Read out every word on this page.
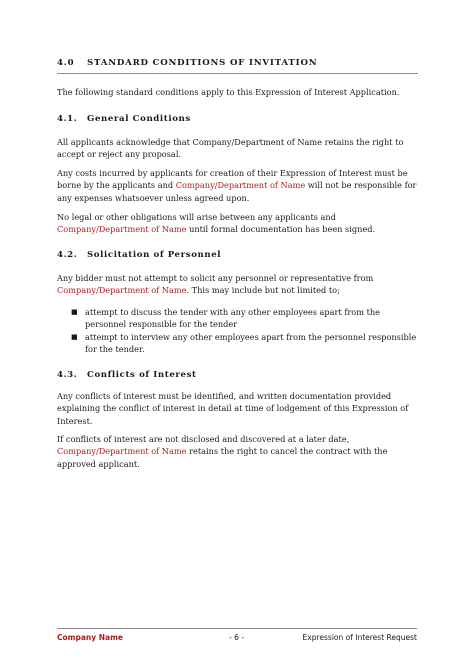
4.0 STANDARD CONDITIONS OF INVITATION

The following standard conditions apply to this Expression of Interest Application.

4.1. General Conditions

All applicants acknowledge that Company/Department of Name retains the right to accept or reject any proposal.

Any costs incurred by applicants for creation of their Expression of Interest must be borne by the applicants and Company/Department of Name will not be responsible for any expenses whatsoever unless agreed upon.

No legal or other obligations will arise between any applicants and Company/Department of Name until formal documentation has been signed.

4.2. Solicitation of Personnel

Any bidder must not attempt to solicit any personnel or representative from Company/Department of Name. This may include but not limited to;

■ attempt to discuss the tender with any other employees apart from the personnel responsible for the tender
■ attempt to interview any other employees apart from the personnel responsible for the tender.
4.3. Conflicts of Interest

Any conflicts of interest must be identified, and written documentation provided explaining the conflict of interest in detail at time of lodgement of this Expression of Interest.

If conflicts of interest are not disclosed and discovered at a later date, Company/Department of Name retains the right to cancel the contract with the approved applicant.

Company Name	- 6 -	Expression of Interest Request
